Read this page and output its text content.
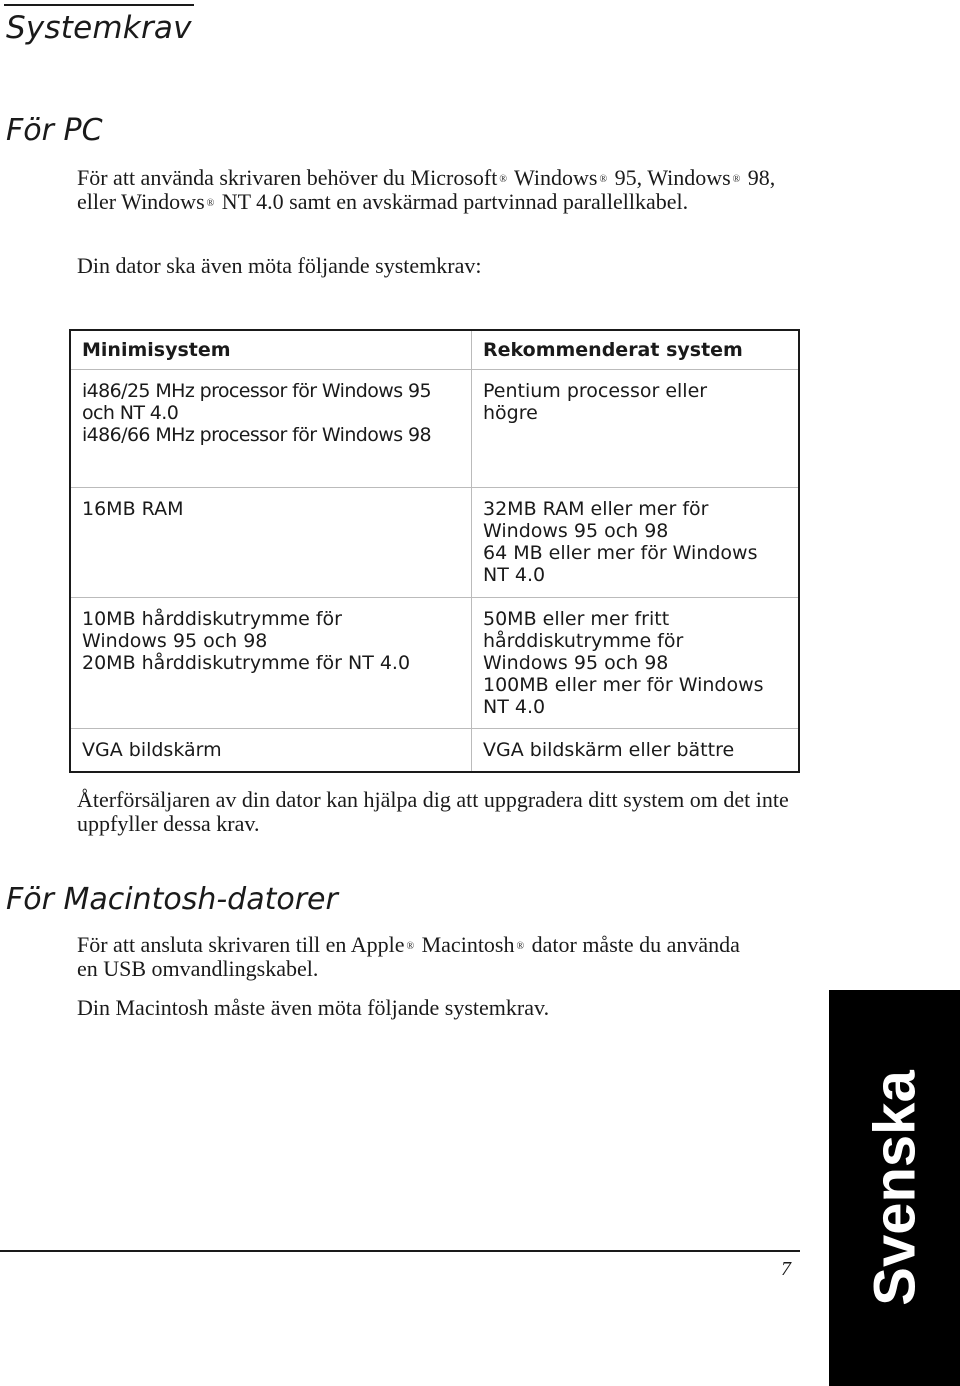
Systemkrav
För PC

För att använda skrivaren behöver du Microsoft ® Windows ® 95, Windows ® 98, eller Windows ® NT 4.0 samt en avskärmad partvinnad parallellkabel.

Din dator ska även möta följande systemkrav:

Minimisystem	Rekommenderat system

i486/25 MHz processor för Windows 95 och NT 4.0
i486/66 MHz processor för Windows 98	Pentium processor eller högre

16MB RAM	32MB RAM eller mer för Windows 95 och 98
64 MB eller mer för Windows NT 4.0

10MB hårddiskutrymme för Windows 95 och 98
20MB hårddiskutrymme för NT 4.0	50MB eller mer fritt hårddiskutrymme för Windows 95 och 98
100MB eller mer för Windows NT 4.0

VGA bildskärm	VGA bildskärm eller bättre

Återförsäljaren av din dator kan hjälpa dig att uppgradera ditt system om det inte uppfyller dessa krav.

För Macintosh-datorer

För att ansluta skrivaren till en Apple ® Macintosh ® dator måste du använda en USB omvandlingskabel.

Din Macintosh måste även möta följande systemkrav.

7 Svenska
